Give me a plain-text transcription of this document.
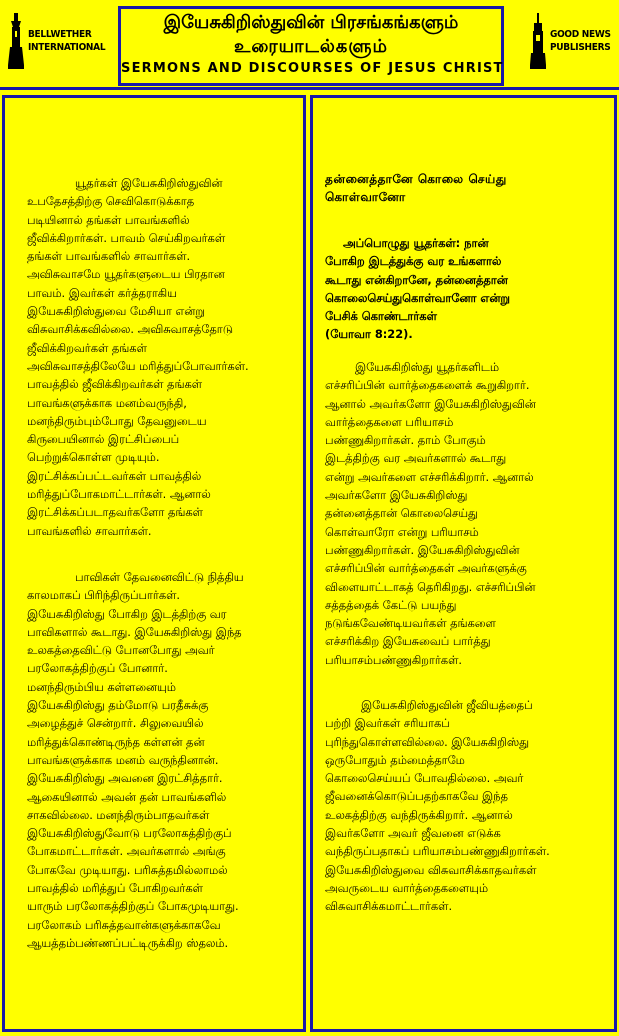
BELLWETHER
INTERNATIONAL
இயேசுகிறிஸ்துவின் பிரசங்கங்களும்
உரையாடல்களும்
SERMONS AND DISCOURSES OF JESUS CHRIST
GOOD NEWS
PUBLISHERS
யூதர்கள் இயேசுகிறிஸ்துவின்
உபதேசத்திற்கு செவிகொடுக்காத
படியினால் தங்கள் பாவங்களில்
ஜீவிக்கிறார்கள். பாவம் செய்கிறவர்கள்
தங்கள் பாவங்களில் சாவார்கள்.
அவிசுவாசமே யூதர்களுடைய பிரதான
பாவம். இவர்கள் கர்த்தராகிய
இயேசுகிறிஸ்துவை மேசியா என்று
விசுவாசிக்கவில்லை. அவிசுவாசத்தோடு
ஜீவிக்கிறவர்கள் தங்கள்
அவிசுவாசத்திலேயே மரித்துப்போவார்கள்.
பாவத்தில் ஜீவிக்கிறவர்கள் தங்கள்
பாவங்களுக்காக மனம்வருந்தி,
மனந்திரும்பும்போது தேவனுடைய
கிருபையினால் இரட்சிப்பைப்
பெற்றுக்கொள்ள முடியும்.
இரட்சிக்கப்பட்டவர்கள் பாவத்தில்
மரித்துப்போகமாட்டார்கள். ஆனால்
இரட்சிக்கப்படாதவர்களோ தங்கள்
பாவங்களில் சாவார்கள்.
பாவிகள் தேவனைவிட்டு நித்திய
காலமாகப் பிரிந்திருப்பார்கள்.
இயேசுகிறிஸ்து போகிற இடத்திற்கு வர
பாவிகளால் கூடாது. இயேசுகிறிஸ்து இந்த
உலகத்தைவிட்டு போனபோது அவர்
பரலோகத்திற்குப் போனார்.
மனந்திரும்பிய கள்ளனையும்
இயேசுகிறிஸ்து தம்மோடு பரதீசுக்கு
அழைத்துச் சென்றார். சிலுவையில்
மரித்துக்கொண்டிருந்த கள்ளன் தன்
பாவங்களுக்காக மனம் வருந்தினான்.
இயேசுகிறிஸ்து அவனை இரட்சித்தார்.
ஆகையினால் அவன் தன் பாவங்களில்
சாகவில்லை. மனந்திரும்பாதவர்கள்
இயேசுகிறிஸ்துவோடு பரலோகத்திற்குப்
போகமாட்டார்கள். அவர்களால் அங்கு
போகவே முடியாது. பரிசுத்தமில்லாமல்
பாவத்தில் மரித்துப் போகிறவர்கள்
யாரும் பரலோகத்திற்குப் போகமுடியாது.
பரலோகம் பரிசுத்தவான்களுக்காகவே
ஆயத்தம்பண்ணப்பட்டிருக்கிற ஸ்தலம்.
தன்னைத்தானே கொலை செய்து
கொள்வானோ
அப்பொழுது யூதர்கள்: நான்
போகிற இடத்துக்கு வர உங்களால்
கூடாது என்கிறானே, தன்னைத்தான்
கொலைசெய்துகொள்வானோ என்று
பேசிக் கொண்டார்கள்
(யோவா 8:22).
இயேசுகிறிஸ்து யூதர்களிடம்
எச்சரிப்பின் வார்த்தைகளைக் கூறுகிறார்.
ஆனால் அவர்களோ இயேசுகிறிஸ்துவின்
வார்த்தைகளை பரியாசம்
பண்ணுகிறார்கள். தாம் போகும்
இடத்திற்கு வர அவர்களால் கூடாது
என்று அவர்களை எச்சரிக்கிறார். ஆனால்
அவர்களோ இயேசுகிறிஸ்து
தன்னைத்தான் கொலைசெய்து
கொள்வாரோ என்று பரியாசம்
பண்ணுகிறார்கள். இயேசுகிறிஸ்துவின்
எச்சரிப்பின் வார்த்தைகள் அவர்களுக்கு
விளையாட்டாகத் தெரிகிறது. எச்சரிப்பின்
சத்தத்தைக் கேட்டு பயந்து
நடுங்கவேண்டியவர்கள் தங்களை
எச்சரிக்கிற இயேசுவைப் பார்த்து
பரியாசம்பண்ணுகிறார்கள்.
இயேசுகிறிஸ்துவின் ஜீவியத்தைப்
பற்றி இவர்கள் சரியாகப்
புரிந்துகொள்ளவில்லை. இயேசுகிறிஸ்து
ஒருபோதும் தம்மைத்தாமே
கொலைசெய்யப் போவதில்லை. அவர்
ஜீவனைக்கொடுப்பதற்காகவே இந்த
உலகத்திற்கு வந்திருக்கிறார். ஆனால்
இவர்களோ அவர் ஜீவனை எடுக்க
வந்திருப்பதாகப் பரியாசம்பண்ணுகிறார்கள்.
இயேசுகிறிஸ்துவை விசுவாசிக்காதவர்கள்
அவருடைய வார்த்தைகளையும்
விசுவாசிக்கமாட்டார்கள்.
